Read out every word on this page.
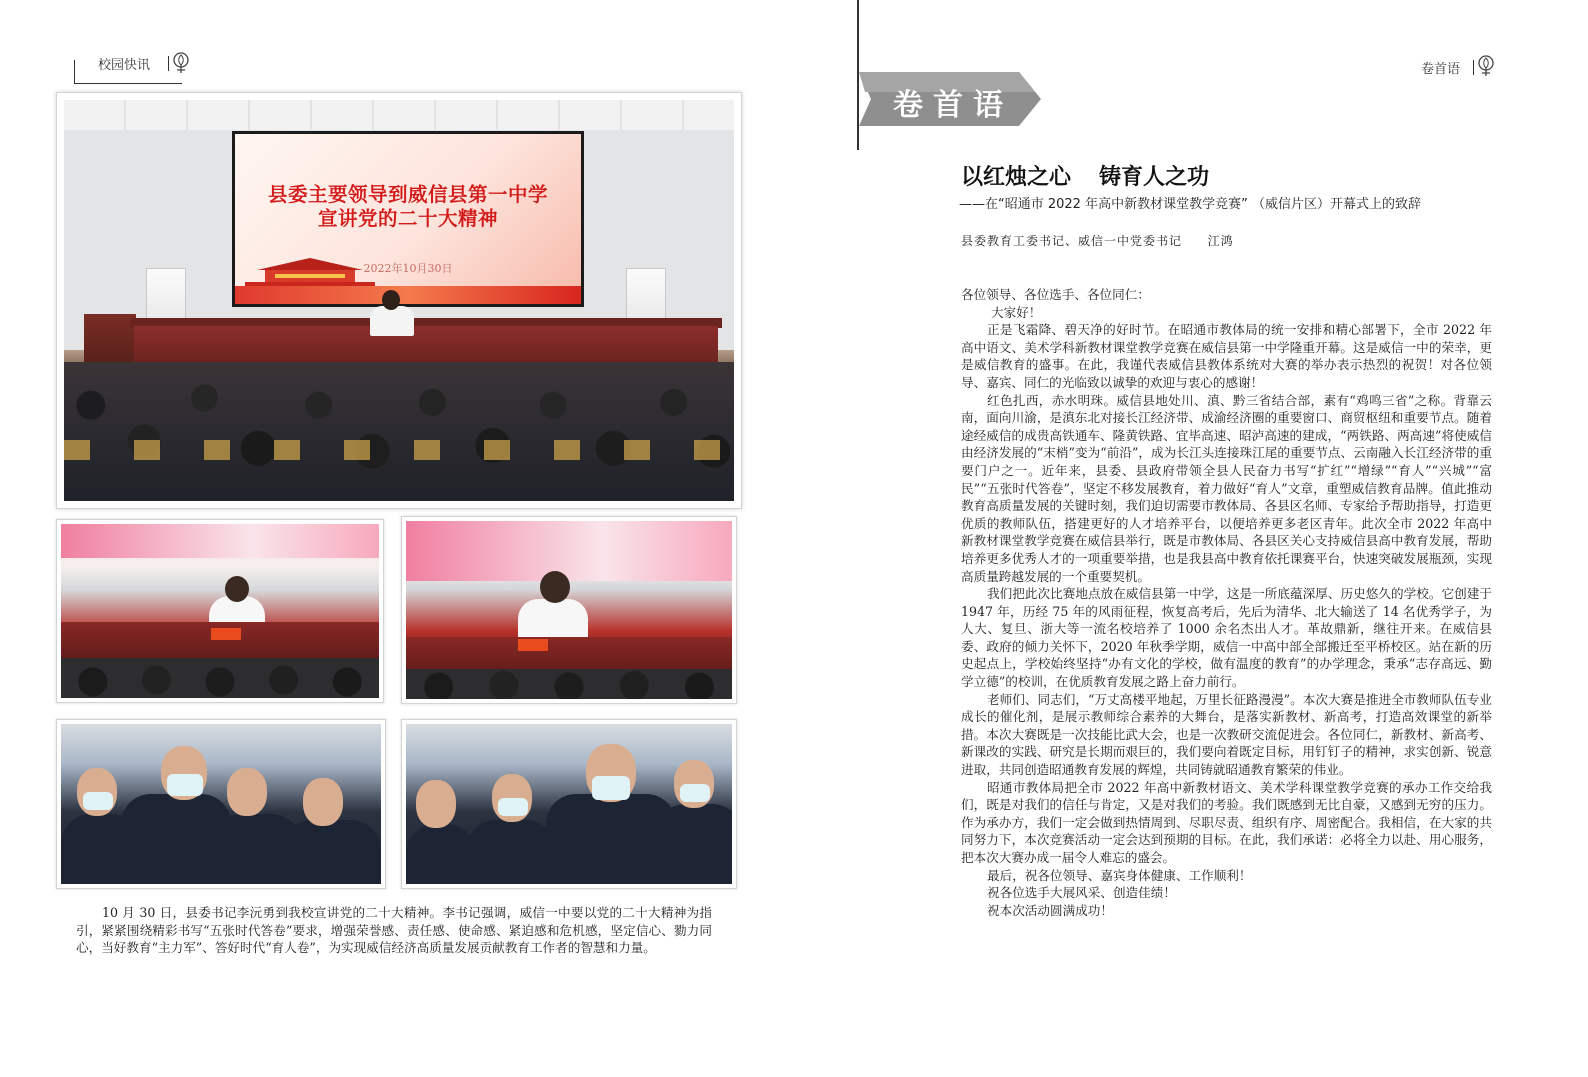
校园快讯
县委主要领导到威信县第一中学
宣讲党的二十大精神
2022年10月30日

10 月 30 日，县委书记李沅勇到我校宣讲党的二十大精神。李书记强调，威信一中要以党的二十大精神为指引，紧紧围绕精彩书写“五张时代答卷”要求，增强荣誉感、责任感、使命感、紧迫感和危机感，坚定信心、勠力同心，当好教育“主力军”、答好时代“育人卷”，为实现威信经济高质量发展贡献教育工作者的智慧和力量。

卷首语
卷首语
以红烛之心 铸育人之功
——在“昭通市 2022 年高中新教材课堂教学竞赛” （威信片区）开幕式上的致辞
县委教育工委书记、威信一中党委书记  江鸿

各位领导、各位选手、各位同仁：

大家好！

正是飞霜降、碧天净的好时节。在昭通市教体局的统一安排和精心部署下，全市 2022 年高中语文、美术学科新教材课堂教学竞赛在威信县第一中学隆重开幕。这是威信一中的荣幸，更是威信教育的盛事。在此，我谨代表威信县教体系统对大赛的举办表示热烈的祝贺！对各位领导、嘉宾、同仁的光临致以诚挚的欢迎与衷心的感谢！

红色扎西，赤水明珠。威信县地处川、滇、黔三省结合部，素有“鸡鸣三省”之称。背靠云南，面向川渝，是滇东北对接长江经济带、成渝经济圈的重要窗口、商贸枢纽和重要节点。随着途经威信的成贵高铁通车、隆黄铁路、宜毕高速、昭泸高速的建成，“两铁路、两高速”将使威信由经济发展的“末梢”变为“前沿”，成为长江头连接珠江尾的重要节点、云南融入长江经济带的重要门户之一。近年来，县委、县政府带领全县人民奋力书写“扩红”“增绿”“育人”“兴城”“富民”“五张时代答卷”，坚定不移发展教育，着力做好“育人”文章，重塑威信教育品牌。值此推动教育高质量发展的关键时刻，我们迫切需要市教体局、各县区名师、专家给予帮助指导，打造更优质的教师队伍，搭建更好的人才培养平台，以便培养更多老区青年。此次全市 2022 年高中新教材课堂教学竞赛在威信县举行，既是市教体局、各县区关心支持威信县高中教育发展，帮助培养更多优秀人才的一项重要举措，也是我县高中教育依托课赛平台，快速突破发展瓶颈，实现高质量跨越发展的一个重要契机。

我们把此次比赛地点放在威信县第一中学，这是一所底蕴深厚、历史悠久的学校。它创建于 1947 年，历经 75 年的风雨征程，恢复高考后，先后为清华、北大输送了 14 名优秀学子，为人大、复旦、浙大等一流名校培养了 1000 余名杰出人才。革故鼎新，继往开来。在威信县委、政府的倾力关怀下，2020 年秋季学期，威信一中高中部全部搬迁至平桥校区。站在新的历史起点上，学校始终坚持“办有文化的学校，做有温度的教育”的办学理念，秉承“志存高远、勤学立德”的校训，在优质教育发展之路上奋力前行。

老师们、同志们，“万丈高楼平地起，万里长征路漫漫”。本次大赛是推进全市教师队伍专业成长的催化剂，是展示教师综合素养的大舞台，是落实新教材、新高考，打造高效课堂的新举措。本次大赛既是一次技能比武大会，也是一次教研交流促进会。各位同仁，新教材、新高考、新课改的实践、研究是长期而艰巨的，我们要向着既定目标，用钉钉子的精神，求实创新、锐意进取，共同创造昭通教育发展的辉煌，共同铸就昭通教育繁荣的伟业。

昭通市教体局把全市 2022 年高中新教材语文、美术学科课堂教学竞赛的承办工作交给我们，既是对我们的信任与肯定，又是对我们的考验。我们既感到无比自豪，又感到无穷的压力。作为承办方，我们一定会做到热情周到、尽职尽责、组织有序、周密配合。我相信，在大家的共同努力下，本次竞赛活动一定会达到预期的目标。在此，我们承诺：必将全力以赴、用心服务，把本次大赛办成一届令人难忘的盛会。

最后，祝各位领导、嘉宾身体健康、工作顺利！

祝各位选手大展风采、创造佳绩！

祝本次活动圆满成功！
